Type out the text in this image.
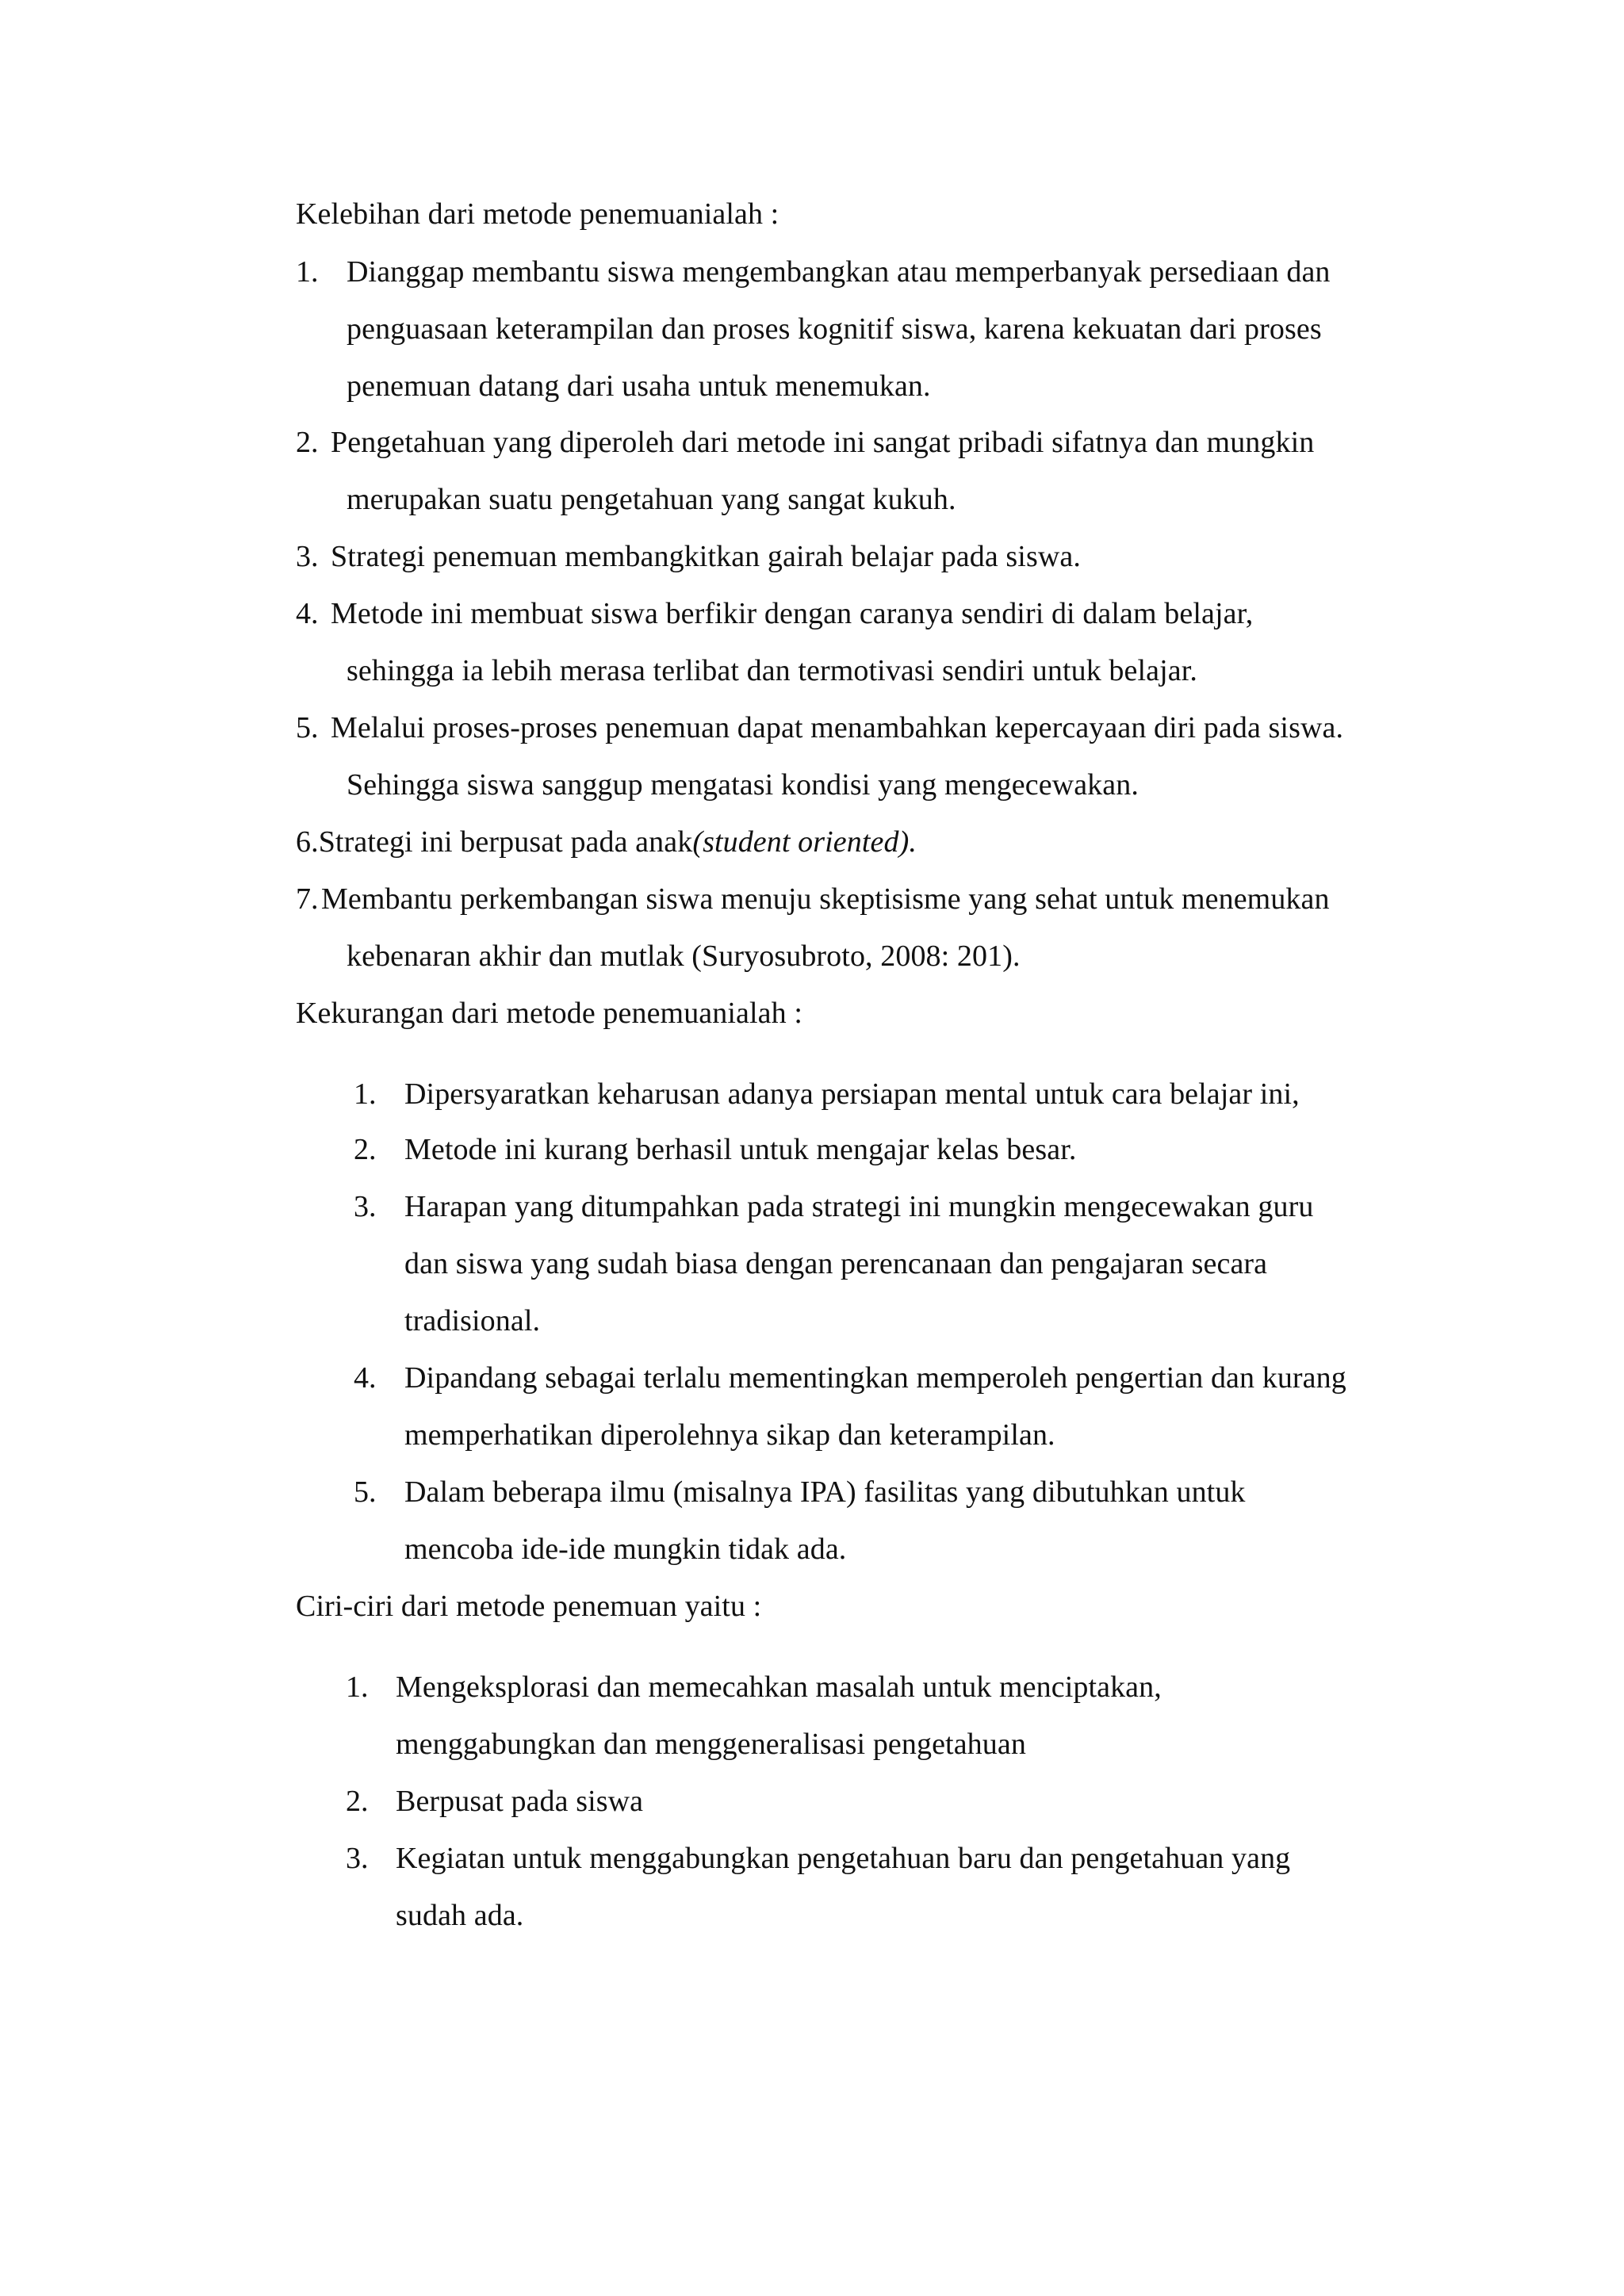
Kelebihan dari metode penemuanialah :
1. Dianggap membantu siswa mengembangkan atau memperbanyak persediaan dan
penguasaan keterampilan dan proses kognitif siswa, karena kekuatan dari proses
penemuan datang dari usaha untuk menemukan.
2. Pengetahuan yang diperoleh dari metode ini sangat pribadi sifatnya dan mungkin
merupakan suatu pengetahuan yang sangat kukuh.
3. Strategi penemuan membangkitkan gairah belajar pada siswa.
4. Metode ini membuat siswa berfikir dengan caranya sendiri di dalam belajar,
sehingga ia lebih merasa terlibat dan termotivasi sendiri untuk belajar.
5. Melalui proses-proses penemuan dapat menambahkan kepercayaan diri pada siswa.
Sehingga siswa sanggup mengatasi kondisi yang mengecewakan.
6.Strategi ini berpusat pada anak(student oriented).
7. Membantu perkembangan siswa menuju skeptisisme yang sehat untuk menemukan
kebenaran akhir dan mutlak (Suryosubroto, 2008: 201).
Kekurangan dari metode penemuanialah :
1. Dipersyaratkan keharusan adanya persiapan mental untuk cara belajar ini,
2. Metode ini kurang berhasil untuk mengajar kelas besar.
3. Harapan yang ditumpahkan pada strategi ini mungkin mengecewakan guru
dan siswa yang sudah biasa dengan perencanaan dan pengajaran secara
tradisional.
4. Dipandang sebagai terlalu mementingkan memperoleh pengertian dan kurang
memperhatikan diperolehnya sikap dan keterampilan.
5. Dalam beberapa ilmu (misalnya IPA) fasilitas yang dibutuhkan untuk
mencoba ide-ide mungkin tidak ada.
Ciri-ciri dari metode penemuan yaitu :
1. Mengeksplorasi dan memecahkan masalah untuk menciptakan,
menggabungkan dan menggeneralisasi pengetahuan
2. Berpusat pada siswa
3. Kegiatan untuk menggabungkan pengetahuan baru dan pengetahuan yang
sudah ada.
